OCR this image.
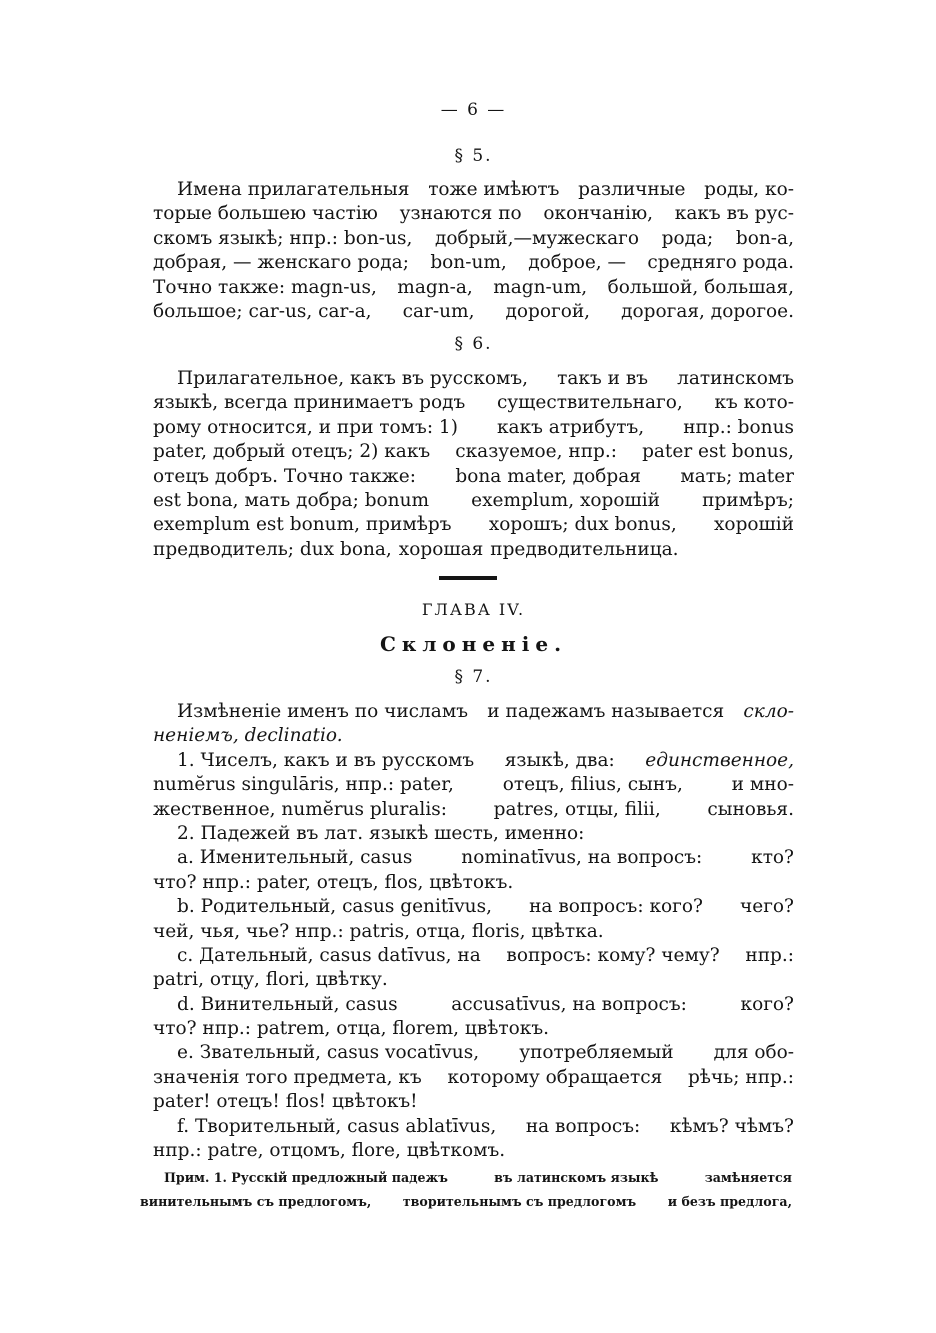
— 6 —
§ 5.
Имена прилагательныя тоже имѣютъ различные роды, ко-
торые большею частію узнаются по окончанію, какъ въ рус-
скомъ языкѣ; нпр.: bon-us, добрый,—мужескаго рода; bon-a,
добрая, — женскаго рода; bon-um, доброе, — средняго рода.
Точно также: magn-us, magn-a, magn-um, большой, большая,
большое; car-us, car-a, car-um, дорогой, дорогая, дорогое.
§ 6.
Прилагательное, какъ въ русскомъ, такъ и въ латинскомъ
языкѣ, всегда принимаетъ родъ существительнаго, къ кото-
рому относится, и при томъ: 1) какъ атрибутъ, нпр.: bonus
pater, добрый отецъ; 2) какъ сказуемое, нпр.: pater est bonus,
отецъ добръ. Точно также: bona mater, добрая мать; mater
est bona, мать добра; bonum exemplum, хорошій примѣръ;
exemplum est bonum, примѣръ хорошъ; dux bonus, хорошій
предводитель; dux bona, хорошая предводительница.
ГЛАВА IV.
Склоненіе.
§ 7.
Измѣненіе именъ по числамъ и падежамъ называется скло-
неніемъ, declinatio.
1. Чиселъ, какъ и въ русскомъ языкѣ, два: единственное,
numĕrus singulāris, нпр.: pater,	отецъ, filius, сынъ,	и мно-
жественное, numĕrus pluralis:	patres, отцы, filii,	сыновья.
2. Падежей въ лат. языкѣ шесть, именно:
a. Именительный, casus	nominatīvus, на вопросъ:	кто?
что? нпр.: pater, отецъ, flos, цвѣтокъ.
b. Родительный, casus genitīvus, на вопросъ: кого? чего?
чей, чья, чье? нпр.: patris, отца, floris, цвѣтка.
c. Дательный, casus datīvus, на вопросъ: кому? чему? нпр.:
patri, отцу, flori, цвѣтку.
d. Винительный, casus	accusatīvus, на вопросъ:	кого?
что? нпр.: patrem, отца, florem, цвѣтокъ.
e. Звательный, casus vocatīvus, употребляемый для обо-
значенія того предмета, къ которому обращается рѣчь; нпр.:
pater! отецъ! flos! цвѣтокъ!
f. Творительный, casus ablatīvus, на вопросъ: кѣмъ? чѣмъ?
нпр.: patre, отцомъ, flore, цвѣткомъ.
Прим. 1. Русскій предложный падежъ	въ латинскомъ языкѣ	замѣняется
винительнымъ съ предлогомъ,	творительнымъ съ предлогомъ	и безъ предлога,
